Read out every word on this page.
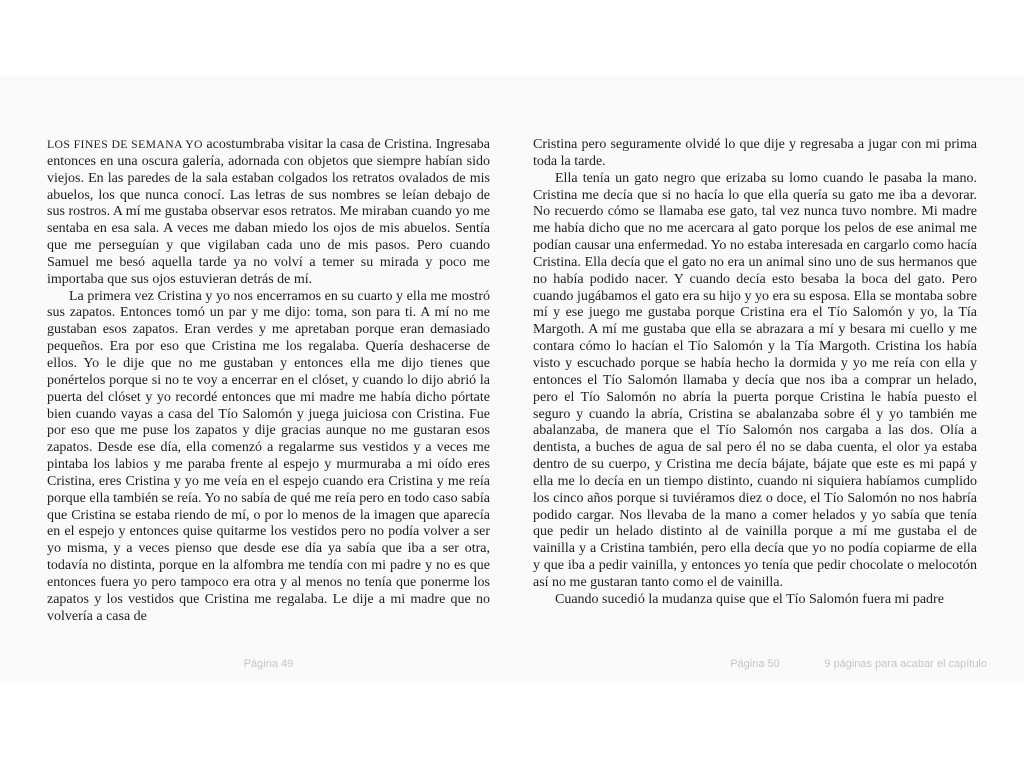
LOS FINES DE SEMANA YO acostumbraba visitar la casa de Cristina. Ingresaba entonces en una oscura galería, adornada con objetos que siempre habían sido viejos. En las paredes de la sala estaban colgados los retratos ovalados de mis abuelos, los que nunca conocí. Las letras de sus nombres se leían debajo de sus rostros. A mí me gustaba observar esos retratos. Me miraban cuando yo me sentaba en esa sala. A veces me daban miedo los ojos de mis abuelos. Sentía que me perseguían y que vigilaban cada uno de mis pasos. Pero cuando Samuel me besó aquella tarde ya no volví a temer su mirada y poco me importaba que sus ojos estuvieran detrás de mí.

La primera vez Cristina y yo nos encerramos en su cuarto y ella me mostró sus zapatos. Entonces tomó un par y me dijo: toma, son para ti. A mí no me gustaban esos zapatos. Eran verdes y me apretaban porque eran demasiado pequeños. Era por eso que Cristina me los regalaba. Quería deshacerse de ellos. Yo le dije que no me gustaban y entonces ella me dijo tienes que ponértelos porque si no te voy a encerrar en el clóset, y cuando lo dijo abrió la puerta del clóset y yo recordé entonces que mi madre me había dicho pórtate bien cuando vayas a casa del Tío Salomón y juega juiciosa con Cristina. Fue por eso que me puse los zapatos y dije gracias aunque no me gustaran esos zapatos. Desde ese día, ella comenzó a regalarme sus vestidos y a veces me pintaba los labios y me paraba frente al espejo y murmuraba a mi oído eres Cristina, eres Cristina y yo me veía en el espejo cuando era Cristina y me reía porque ella también se reía. Yo no sabía de qué me reía pero en todo caso sabía que Cristina se estaba riendo de mí, o por lo menos de la imagen que aparecía en el espejo y entonces quise quitarme los vestidos pero no podía volver a ser yo misma, y a veces pienso que desde ese día ya sabía que iba a ser otra, todavía no distinta, porque en la alfombra me tendía con mi padre y no es que entonces fuera yo pero tampoco era otra y al menos no tenía que ponerme los zapatos y los vestidos que Cristina me regalaba. Le dije a mi madre que no volvería a casa de

Cristina pero seguramente olvidé lo que dije y regresaba a jugar con mi prima toda la tarde.

Ella tenía un gato negro que erizaba su lomo cuando le pasaba la mano. Cristina me decía que si no hacía lo que ella quería su gato me iba a devorar. No recuerdo cómo se llamaba ese gato, tal vez nunca tuvo nombre. Mi madre me había dicho que no me acercara al gato porque los pelos de ese animal me podían causar una enfermedad. Yo no estaba interesada en cargarlo como hacía Cristina. Ella decía que el gato no era un animal sino uno de sus hermanos que no había podido nacer. Y cuando decía esto besaba la boca del gato. Pero cuando jugábamos el gato era su hijo y yo era su esposa. Ella se montaba sobre mí y ese juego me gustaba porque Cristina era el Tío Salomón y yo, la Tía Margoth. A mí me gustaba que ella se abrazara a mí y besara mi cuello y me contara cómo lo hacían el Tío Salomón y la Tía Margoth. Cristina los había visto y escuchado porque se había hecho la dormida y yo me reía con ella y entonces el Tío Salomón llamaba y decía que nos iba a comprar un helado, pero el Tío Salomón no abría la puerta porque Cristina le había puesto el seguro y cuando la abría, Cristina se abalanzaba sobre él y yo también me abalanzaba, de manera que el Tío Salomón nos cargaba a las dos. Olía a dentista, a buches de agua de sal pero él no se daba cuenta, el olor ya estaba dentro de su cuerpo, y Cristina me decía bájate, bájate que este es mi papá y ella me lo decía en un tiempo distinto, cuando ni siquiera habíamos cumplido los cinco años porque si tuviéramos diez o doce, el Tío Salomón no nos habría podido cargar. Nos llevaba de la mano a comer helados y yo sabía que tenía que pedir un helado distinto al de vainilla porque a mí me gustaba el de vainilla y a Cristina también, pero ella decía que yo no podía copiarme de ella y que iba a pedir vainilla, y entonces yo tenía que pedir chocolate o melocotón así no me gustaran tanto como el de vainilla.

Cuando sucedió la mudanza quise que el Tío Salomón fuera mi padre

Página 49	Página 50	9 páginas para acabar el capítulo
